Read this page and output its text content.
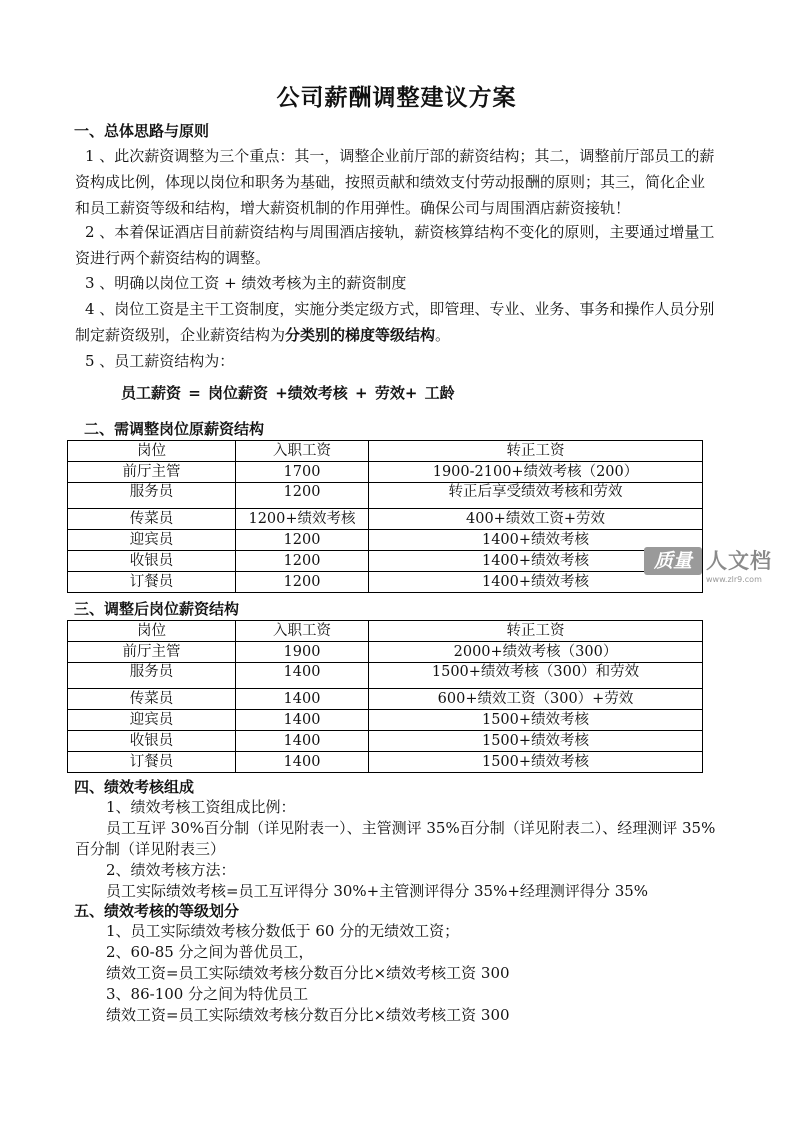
公司薪酬调整建议方案
一、总体思路与原则
1 、此次薪资调整为三个重点：其一，调整企业前厅部的薪资结构；其二，调整前厅部员工的薪资构成比例，体现以岗位和职务为基础，按照贡献和绩效支付劳动报酬的原则；其三，简化企业和员工薪资等级和结构，增大薪资机制的作用弹性。确保公司与周围酒店薪资接轨！
2 、本着保证酒店目前薪资结构与周围酒店接轨，薪资核算结构不变化的原则，主要通过增量工资进行两个薪资结构的调整。
3 、明确以岗位工资 + 绩效考核为主的薪资制度
4 、岗位工资是主干工资制度，实施分类定级方式，即管理、专业、业务、事务和操作人员分别制定薪资级别，企业薪资结构为分类别的梯度等级结构。
5 、员工薪资结构为：
员工薪资 = 岗位薪资 +绩效考核 + 劳效+ 工龄
二、需调整岗位原薪资结构
岗位	入职工资	转正工资
前厅主管	1700	1900-2100+绩效考核（200）
服务员	1200	转正后享受绩效考核和劳效
传菜员	1200+绩效考核	400+绩效工资+劳效
迎宾员	1200	1400+绩效考核
收银员	1200	1400+绩效考核
订餐员	1200	1400+绩效考核
三、调整后岗位薪资结构
岗位	入职工资	转正工资
前厅主管	1900	2000+绩效考核（300）
服务员	1400	1500+绩效考核（300）和劳效
传菜员	1400	600+绩效工资（300）+劳效
迎宾员	1400	1500+绩效考核
收银员	1400	1500+绩效考核
订餐员	1400	1500+绩效考核
四、绩效考核组成
1、绩效考核工资组成比例：
员工互评 30%百分制（详见附表一）、主管测评 35%百分制（详见附表二）、经理测评 35%
百分制（详见附表三）
2、绩效考核方法：
员工实际绩效考核=员工互评得分 30%+主管测评得分 35%+经理测评得分 35%
五、绩效考核的等级划分
1、员工实际绩效考核分数低于 60 分的无绩效工资；
2、60-85 分之间为普优员工，
绩效工资=员工实际绩效考核分数百分比×绩效考核工资 300
3、86-100 分之间为特优员工
绩效工资=员工实际绩效考核分数百分比×绩效考核工资 300
质量 人文档
www.zlr9.com
